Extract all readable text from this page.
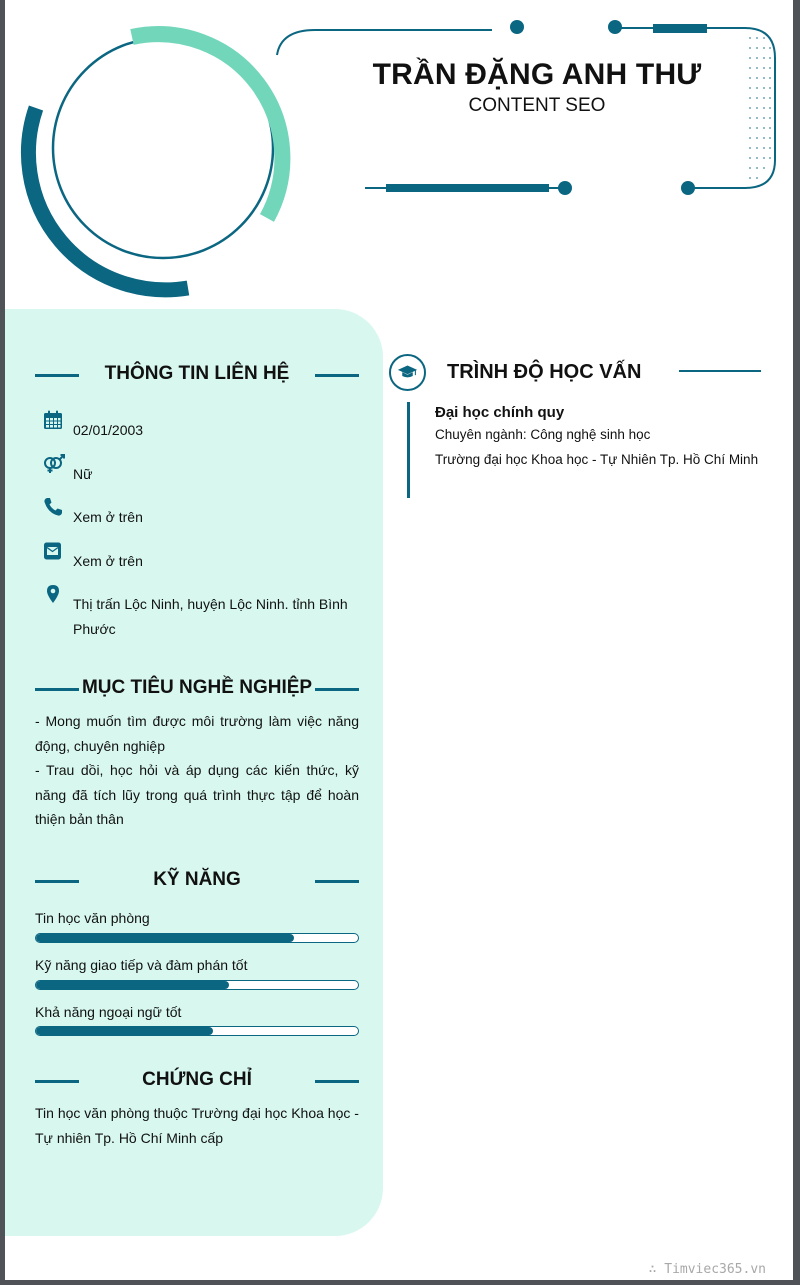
TRẦN ĐẶNG ANH THƯ
CONTENT SEO
THÔNG TIN LIÊN HỆ
02/01/2003
Nữ
Xem ở trên
Xem ở trên
Thị trấn Lộc Ninh, huyện Lộc Ninh. tỉnh Bình Phước
MỤC TIÊU NGHỀ NGHIỆP
- Mong muốn tìm được môi trường làm việc năng động, chuyên nghiệp
- Trau dồi, học hỏi và áp dụng các kiến thức, kỹ năng đã tích lũy trong quá trình thực tập để hoàn thiện bản thân
KỸ NĂNG
Tin học văn phòng
Kỹ năng giao tiếp và đàm phán tốt
Khả năng ngoại ngữ tốt
CHỨNG CHỈ
Tin học văn phòng thuộc Trường đại học Khoa học - Tự nhiên Tp. Hồ Chí Minh cấp
TRÌNH ĐỘ HỌC VẤN
Đại học chính quy
Chuyên ngành: Công nghệ sinh học
Trường đại học Khoa học - Tự Nhiên Tp. Hồ Chí Minh
∴ Timviec365.vn
